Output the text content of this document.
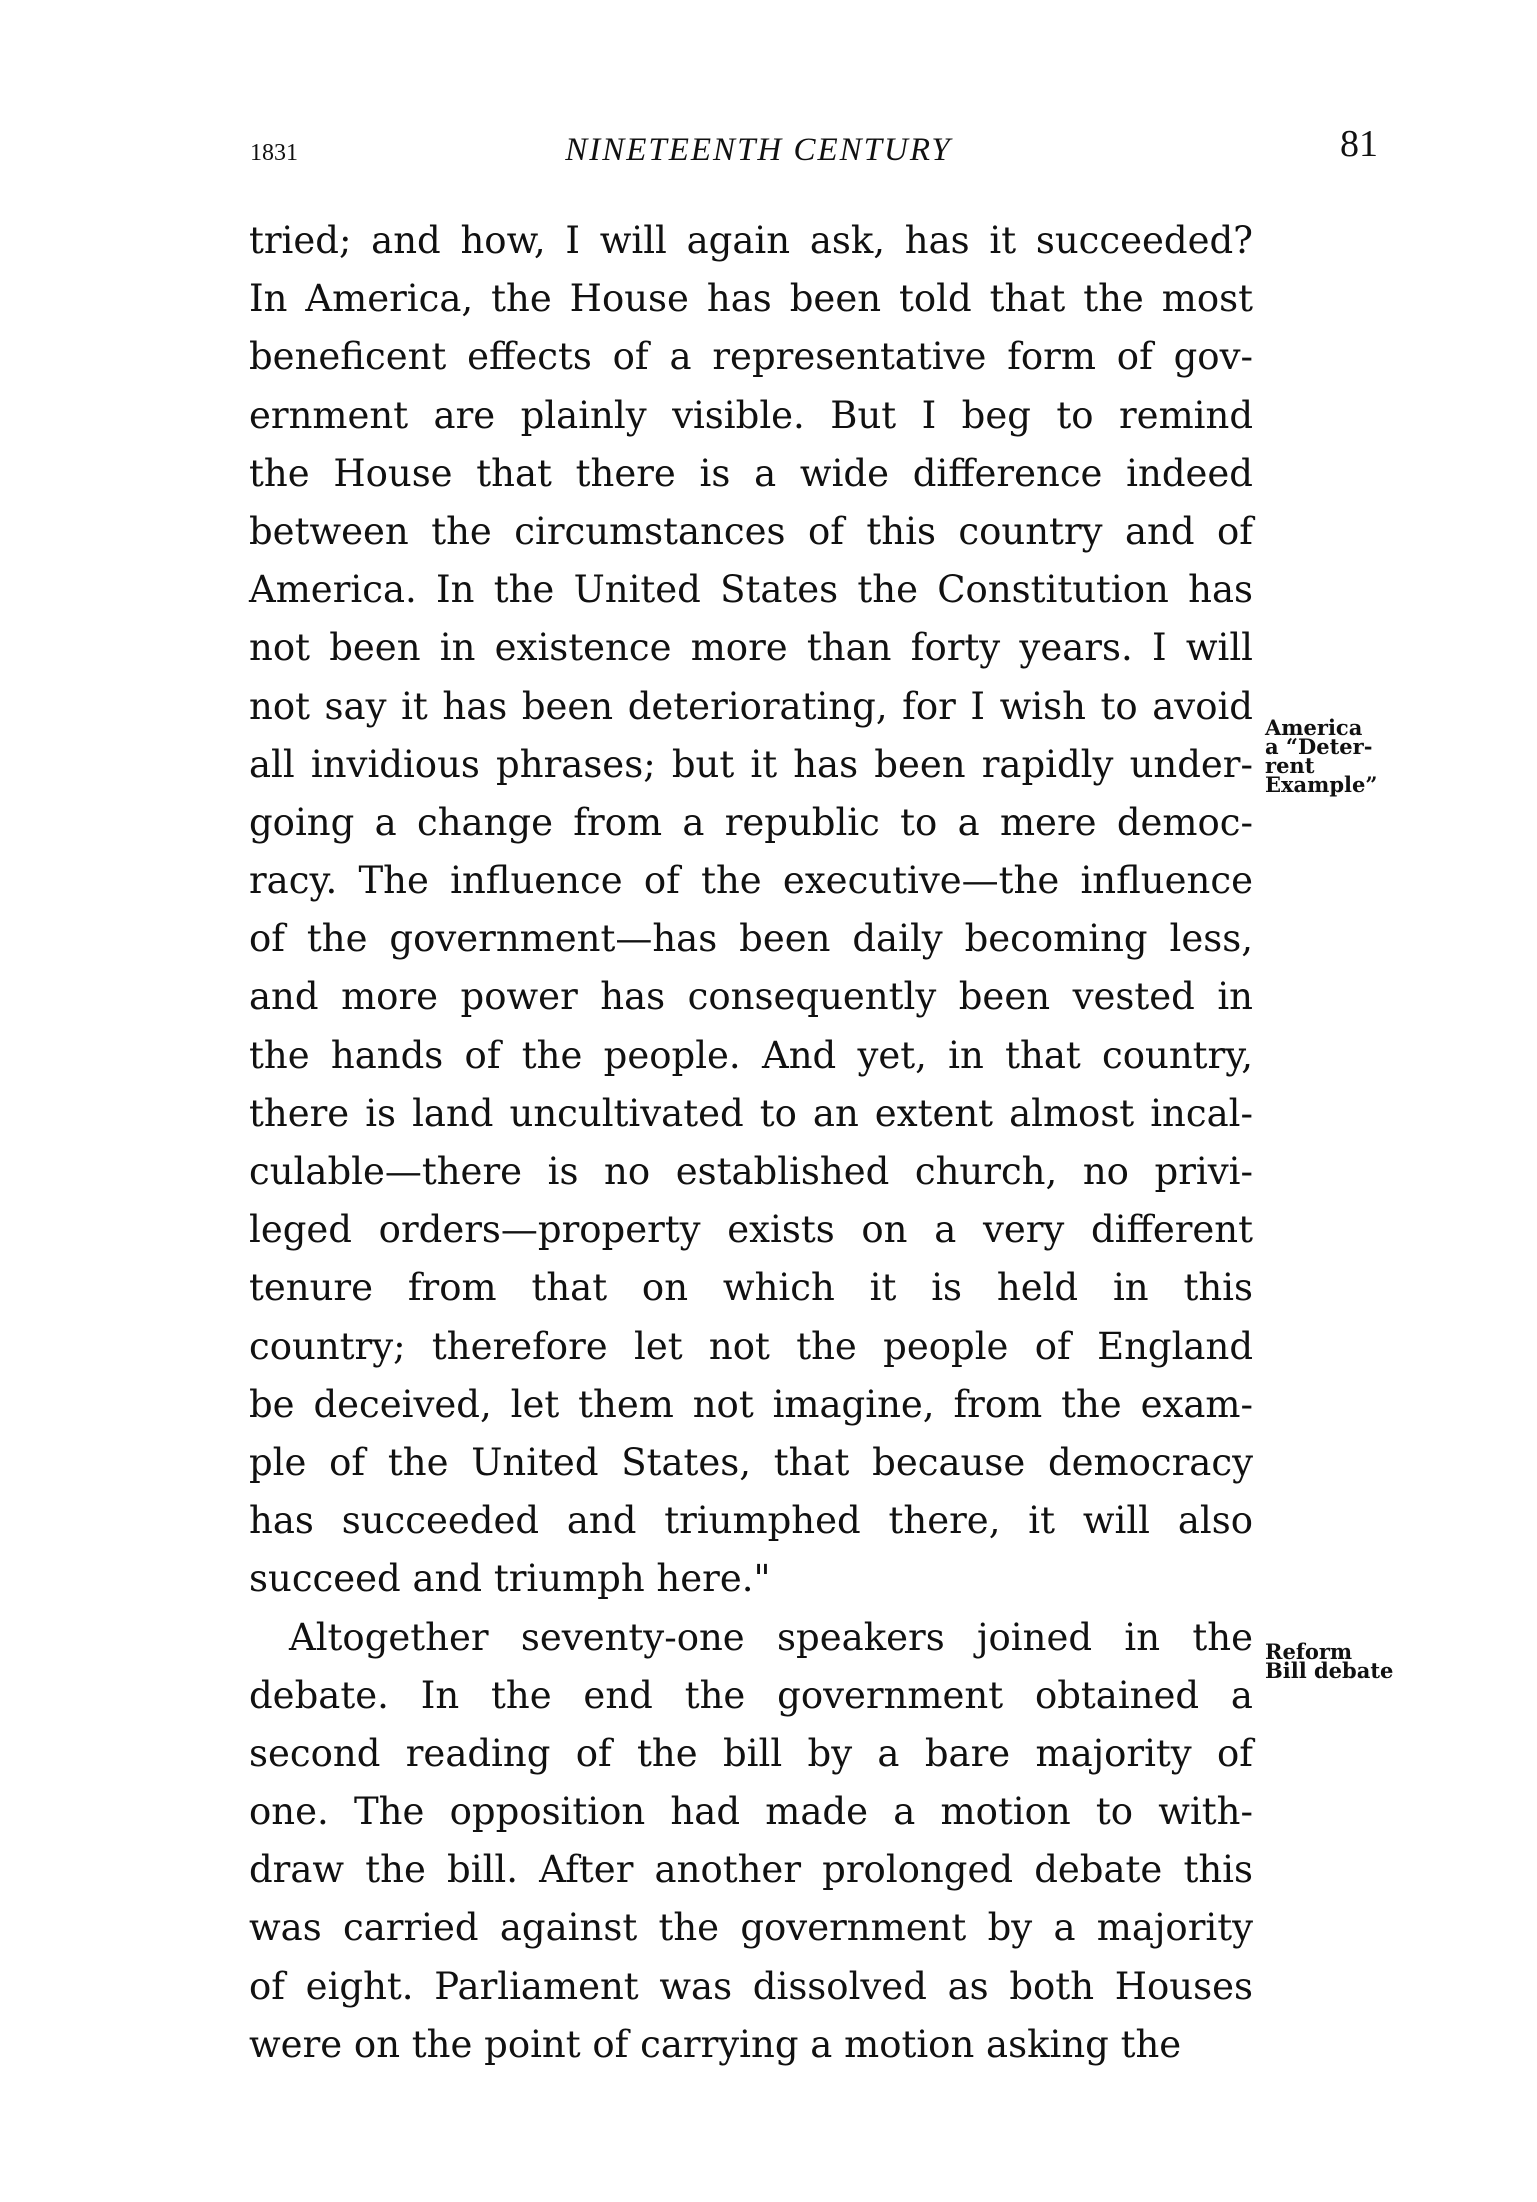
1831	NINETEENTH CENTURY	81
tried; and how, I will again ask, has it succeeded?
In America, the House has been told that the most
beneficent effects of a representative form of gov-
ernment are plainly visible. But I beg to remind
the House that there is a wide difference indeed
between the circumstances of this country and of
America. In the United States the Constitution has
not been in existence more than forty years. I will
not say it has been deteriorating, for I wish to avoid
all invidious phrases; but it has been rapidly under-
going a change from a republic to a mere democ-
racy. The influence of the executive—the influence
of the government—has been daily becoming less,
and more power has consequently been vested in
the hands of the people. And yet, in that country,
there is land uncultivated to an extent almost incal-
culable—there is no established church, no privi-
leged orders—property exists on a very different
tenure from that on which it is held in this
country; therefore let not the people of England
be deceived, let them not imagine, from the exam-
ple of the United States, that because democracy
has succeeded and triumphed there, it will also
succeed and triumph here."
Altogether seventy-one speakers joined in the
debate. In the end the government obtained a
second reading of the bill by a bare majority of
one. The opposition had made a motion to with-
draw the bill. After another prolonged debate this
was carried against the government by a majority
of eight. Parliament was dissolved as both Houses
were on the point of carrying a motion asking the
America
a “Deter-
rent
Example”
Reform
Bill debate
